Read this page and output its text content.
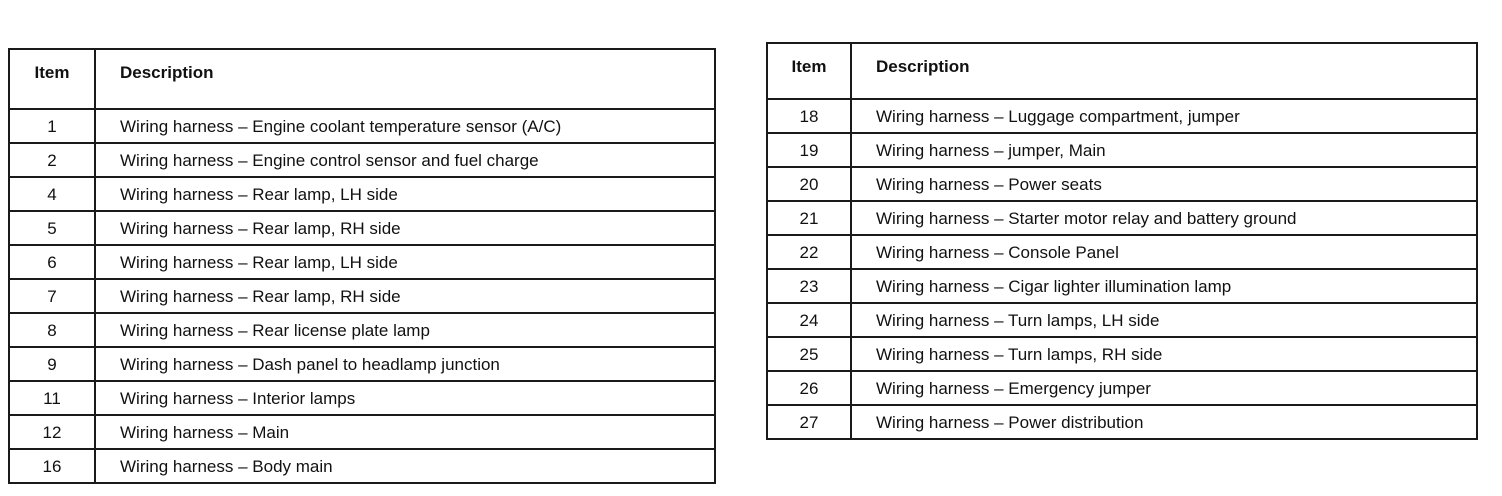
Item	Description
1	Wiring harness – Engine coolant temperature sensor (A/C)
2	Wiring harness – Engine control sensor and fuel charge
4	Wiring harness – Rear lamp, LH side
5	Wiring harness – Rear lamp, RH side
6	Wiring harness – Rear lamp, LH side
7	Wiring harness – Rear lamp, RH side
8	Wiring harness – Rear license plate lamp
9	Wiring harness – Dash panel to headlamp junction
11	Wiring harness – Interior lamps
12	Wiring harness – Main
16	Wiring harness – Body main
Item	Description
18	Wiring harness – Luggage compartment, jumper
19	Wiring harness – jumper, Main
20	Wiring harness – Power seats
21	Wiring harness – Starter motor relay and battery ground
22	Wiring harness – Console Panel
23	Wiring harness – Cigar lighter illumination lamp
24	Wiring harness – Turn lamps, LH side
25	Wiring harness – Turn lamps, RH side
26	Wiring harness – Emergency jumper
27	Wiring harness – Power distribution
